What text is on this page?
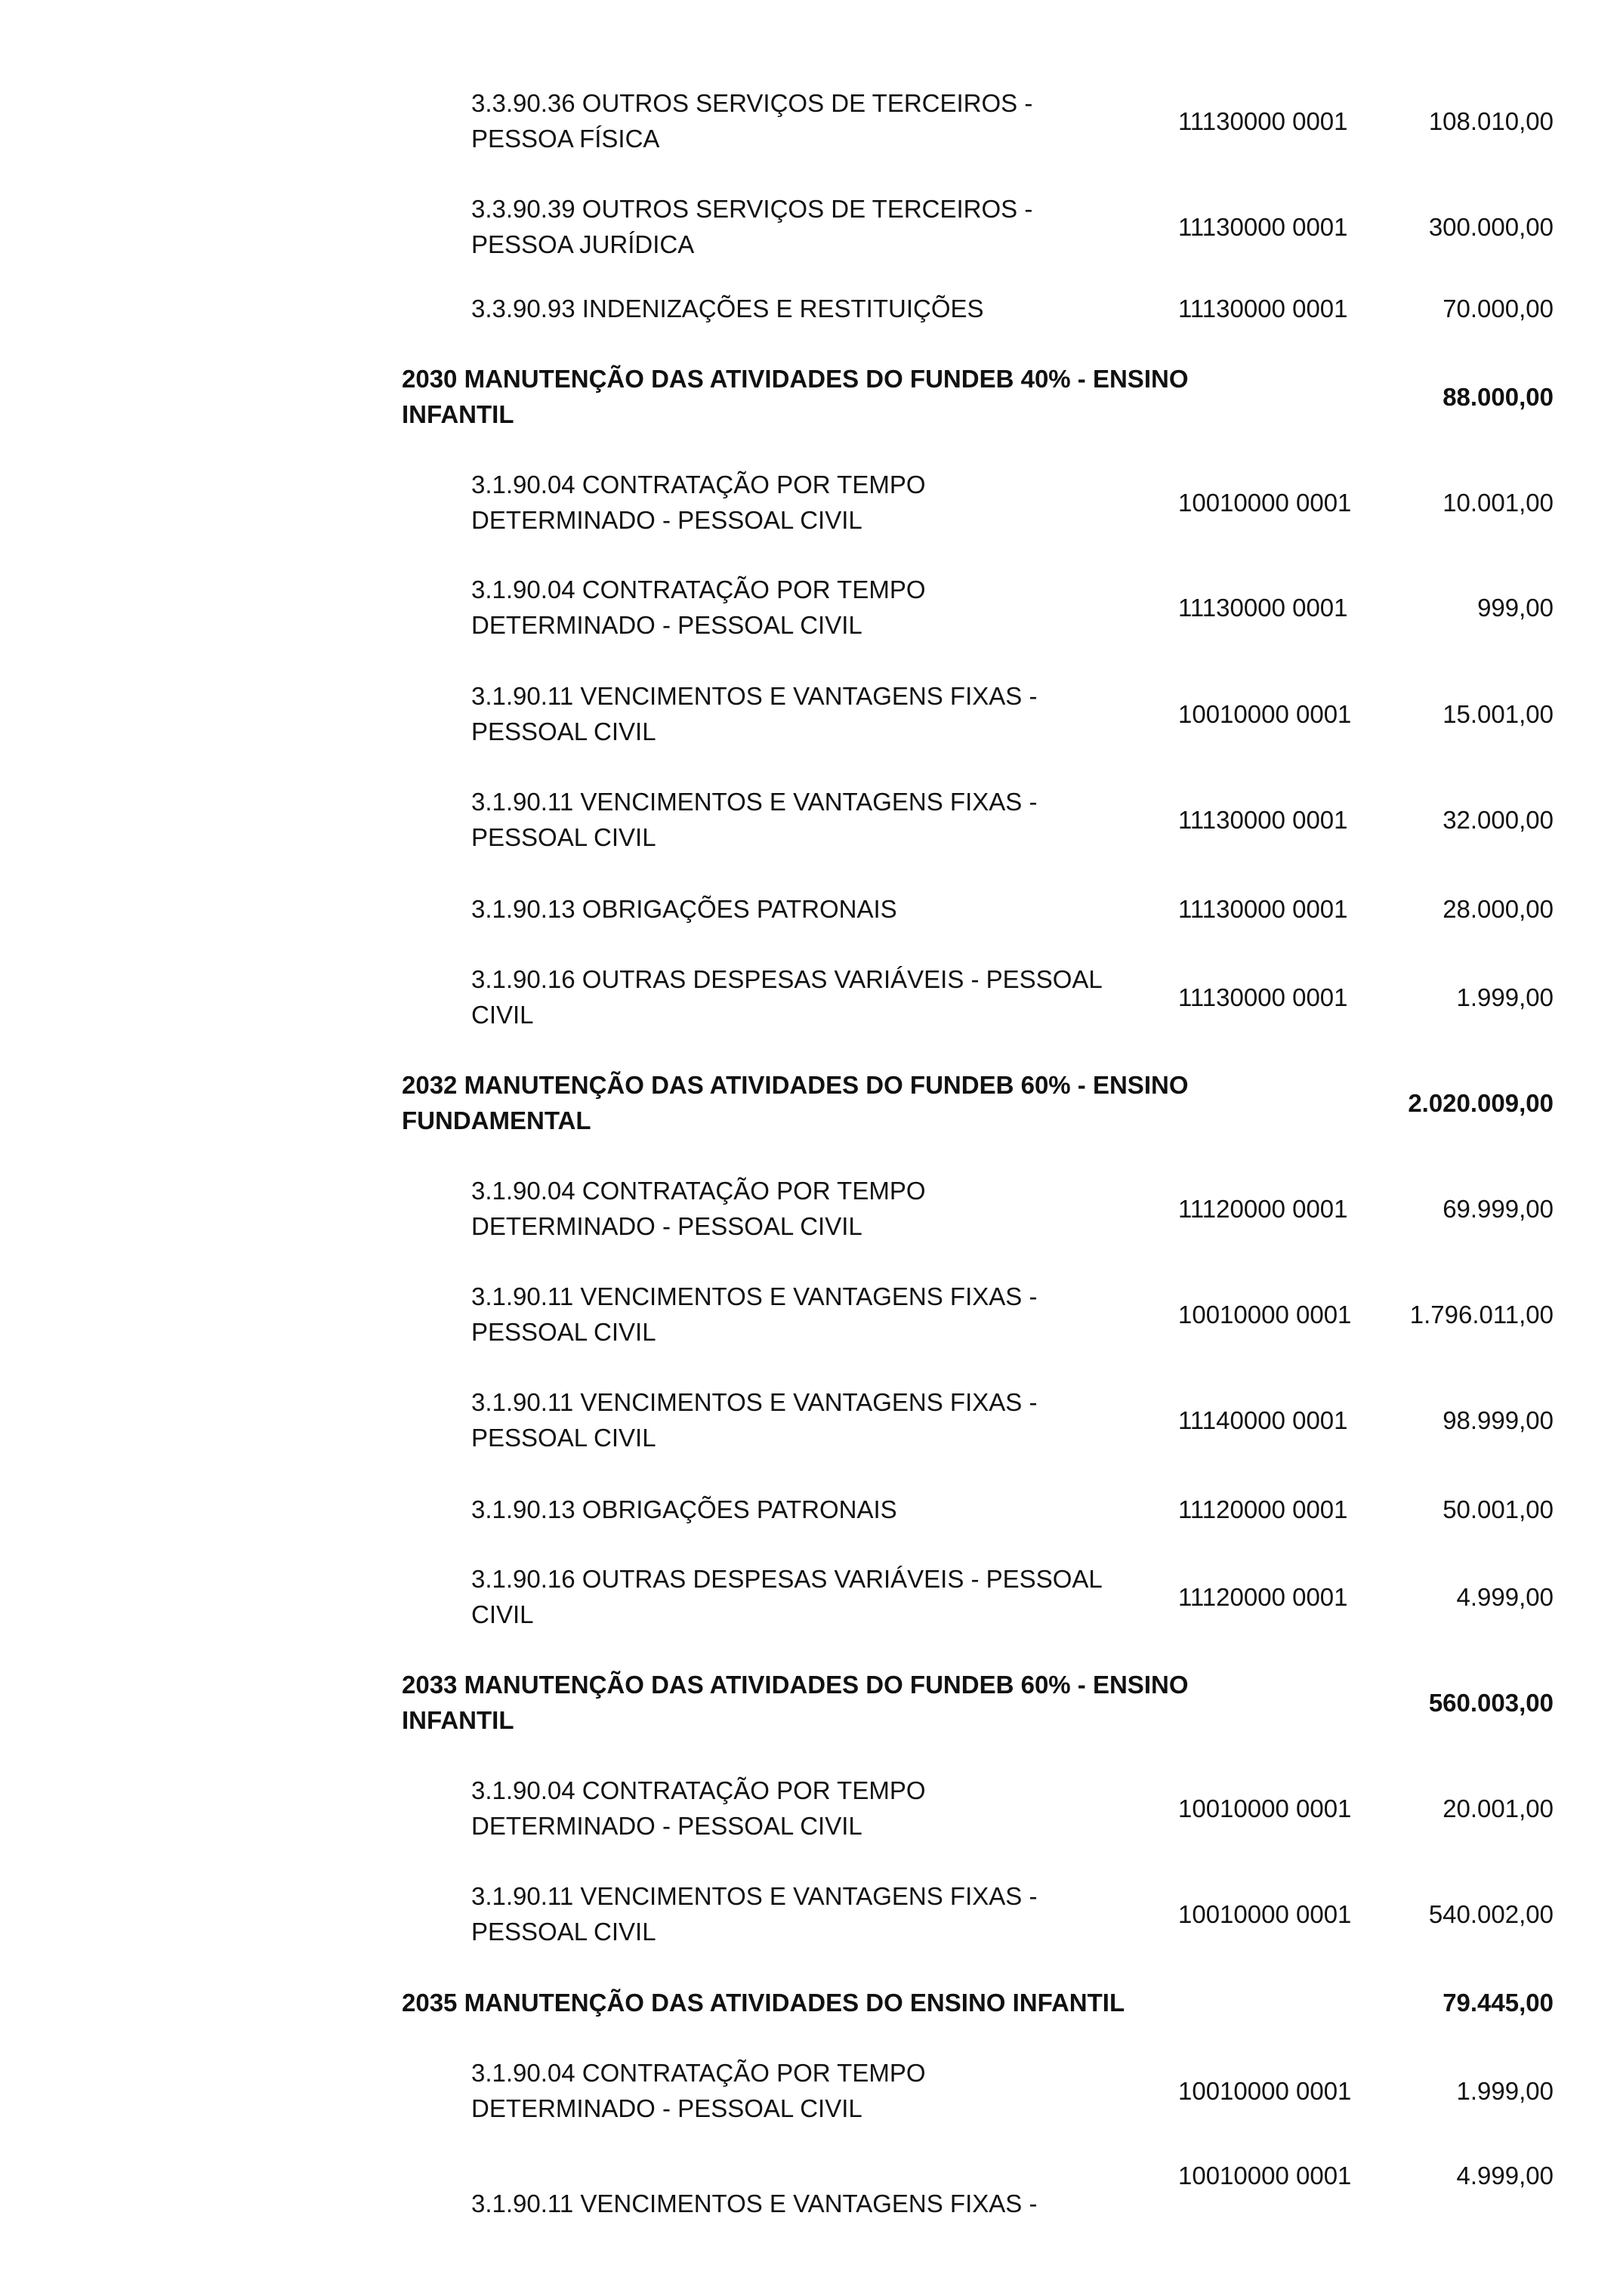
3.3.90.36 OUTROS SERVIÇOS DE TERCEIROS -
PESSOA FÍSICA
11130000 0001	108.010,00
3.3.90.39 OUTROS SERVIÇOS DE TERCEIROS -
PESSOA JURÍDICA
11130000 0001	300.000,00
3.3.90.93 INDENIZAÇÕES E RESTITUIÇÕES	11130000 0001	70.000,00
2030 MANUTENÇÃO DAS ATIVIDADES DO FUNDEB 40% - ENSINO
INFANTIL
88.000,00
3.1.90.04 CONTRATAÇÃO POR TEMPO
DETERMINADO - PESSOAL CIVIL
10010000 0001	10.001,00
3.1.90.04 CONTRATAÇÃO POR TEMPO
DETERMINADO - PESSOAL CIVIL
11130000 0001	999,00
3.1.90.11 VENCIMENTOS E VANTAGENS FIXAS -
PESSOAL CIVIL
10010000 0001	15.001,00
3.1.90.11 VENCIMENTOS E VANTAGENS FIXAS -
PESSOAL CIVIL
11130000 0001	32.000,00
3.1.90.13 OBRIGAÇÕES PATRONAIS	11130000 0001	28.000,00
3.1.90.16 OUTRAS DESPESAS VARIÁVEIS - PESSOAL
CIVIL
11130000 0001	1.999,00
2032 MANUTENÇÃO DAS ATIVIDADES DO FUNDEB 60% - ENSINO
FUNDAMENTAL
2.020.009,00
3.1.90.04 CONTRATAÇÃO POR TEMPO
DETERMINADO - PESSOAL CIVIL
11120000 0001	69.999,00
3.1.90.11 VENCIMENTOS E VANTAGENS FIXAS -
PESSOAL CIVIL
10010000 0001 1.796.011,00
3.1.90.11 VENCIMENTOS E VANTAGENS FIXAS -
PESSOAL CIVIL
11140000 0001	98.999,00
3.1.90.13 OBRIGAÇÕES PATRONAIS	11120000 0001	50.001,00
3.1.90.16 OUTRAS DESPESAS VARIÁVEIS - PESSOAL
CIVIL
11120000 0001	4.999,00
2033 MANUTENÇÃO DAS ATIVIDADES DO FUNDEB 60% - ENSINO
INFANTIL
560.003,00
3.1.90.04 CONTRATAÇÃO POR TEMPO
DETERMINADO - PESSOAL CIVIL
10010000 0001	20.001,00
3.1.90.11 VENCIMENTOS E VANTAGENS FIXAS -
PESSOAL CIVIL
10010000 0001	540.002,00
2035 MANUTENÇÃO DAS ATIVIDADES DO ENSINO INFANTIL	79.445,00
3.1.90.04 CONTRATAÇÃO POR TEMPO
DETERMINADO - PESSOAL CIVIL
10010000 0001	1.999,00
3.1.90.11 VENCIMENTOS E VANTAGENS FIXAS -
10010000 0001	4.999,00
